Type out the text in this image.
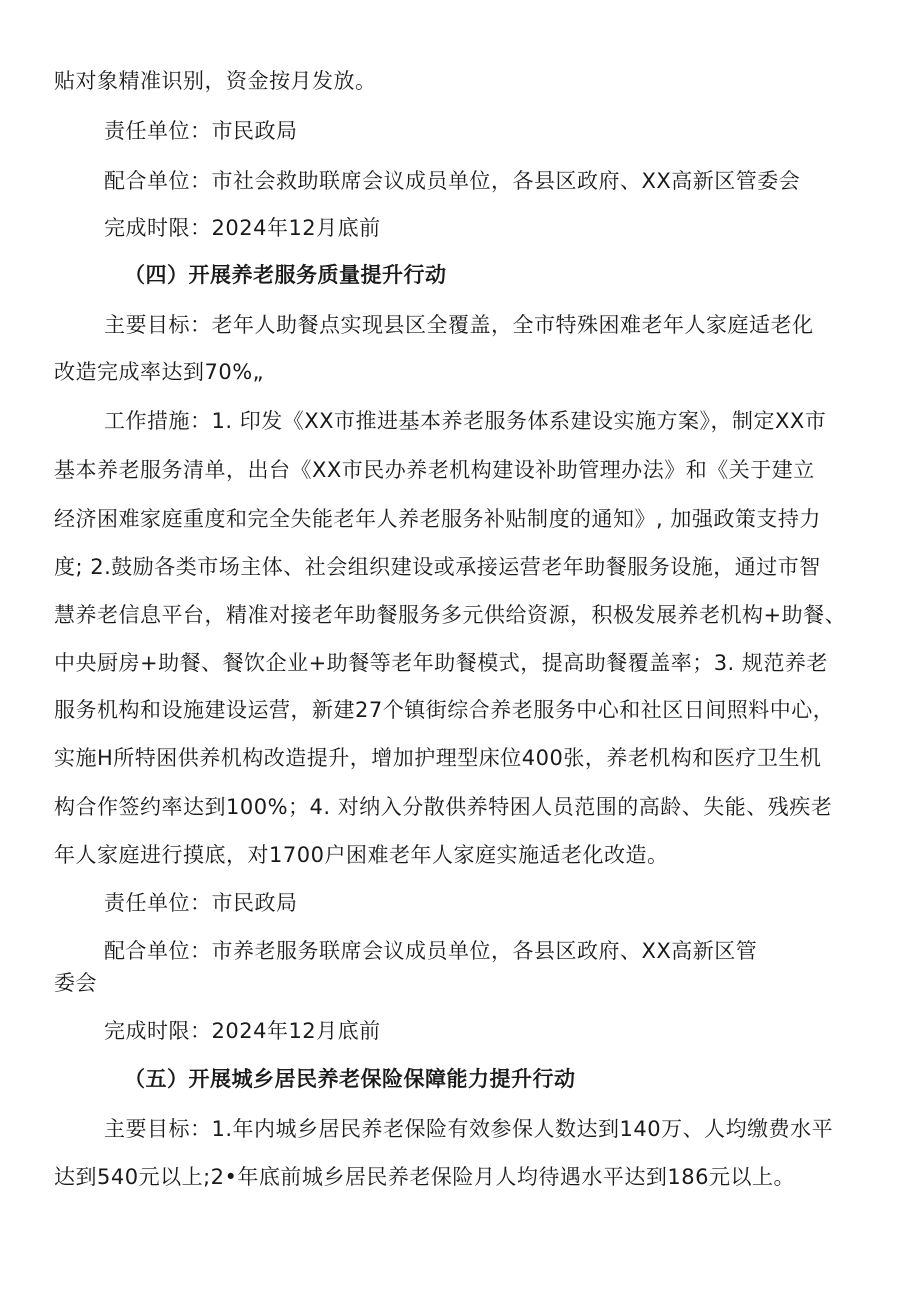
贴对象精准识别，资金按月发放。
责任单位：市民政局
配合单位：市社会救助联席会议成员单位，各县区政府、XX高新区管委会
完成时限：2024年12月底前
（四）开展养老服务质量提升行动
主要目标：老年人助餐点实现县区全覆盖，全市特殊困难老年人家庭适老化
改造完成率达到70%„
工作措施：1. 印发《XX市推进基本养老服务体系建设实施方案》，制定XX市
基本养老服务清单，出台《XX市民办养老机构建设补助管理办法》和《关于建立
经济困难家庭重度和完全失能老年人养老服务补贴制度的通知》, 加强政策支持力
度; 2.鼓励各类市场主体、社会组织建设或承接运营老年助餐服务设施，通过市智
慧养老信息平台，精准对接老年助餐服务多元供给资源，积极发展养老机构+助餐、
中央厨房+助餐、餐饮企业+助餐等老年助餐模式，提高助餐覆盖率；3. 规范养老
服务机构和设施建设运营，新建27个镇街综合养老服务中心和社区日间照料中心，
实施H所特困供养机构改造提升，增加护理型床位400张，养老机构和医疗卫生机
构合作签约率达到100%；4. 对纳入分散供养特困人员范围的高龄、失能、残疾老
年人家庭进行摸底，对1700户困难老年人家庭实施适老化改造。
责任单位：市民政局
配合单位：市养老服务联席会议成员单位，各县区政府、XX高新区管
委会
完成时限：2024年12月底前
（五）开展城乡居民养老保险保障能力提升行动
主要目标：1.年内城乡居民养老保险有效参保人数达到140万、人均缴费水平
达到540元以上;2•年底前城乡居民养老保险月人均待遇水平达到186元以上。
